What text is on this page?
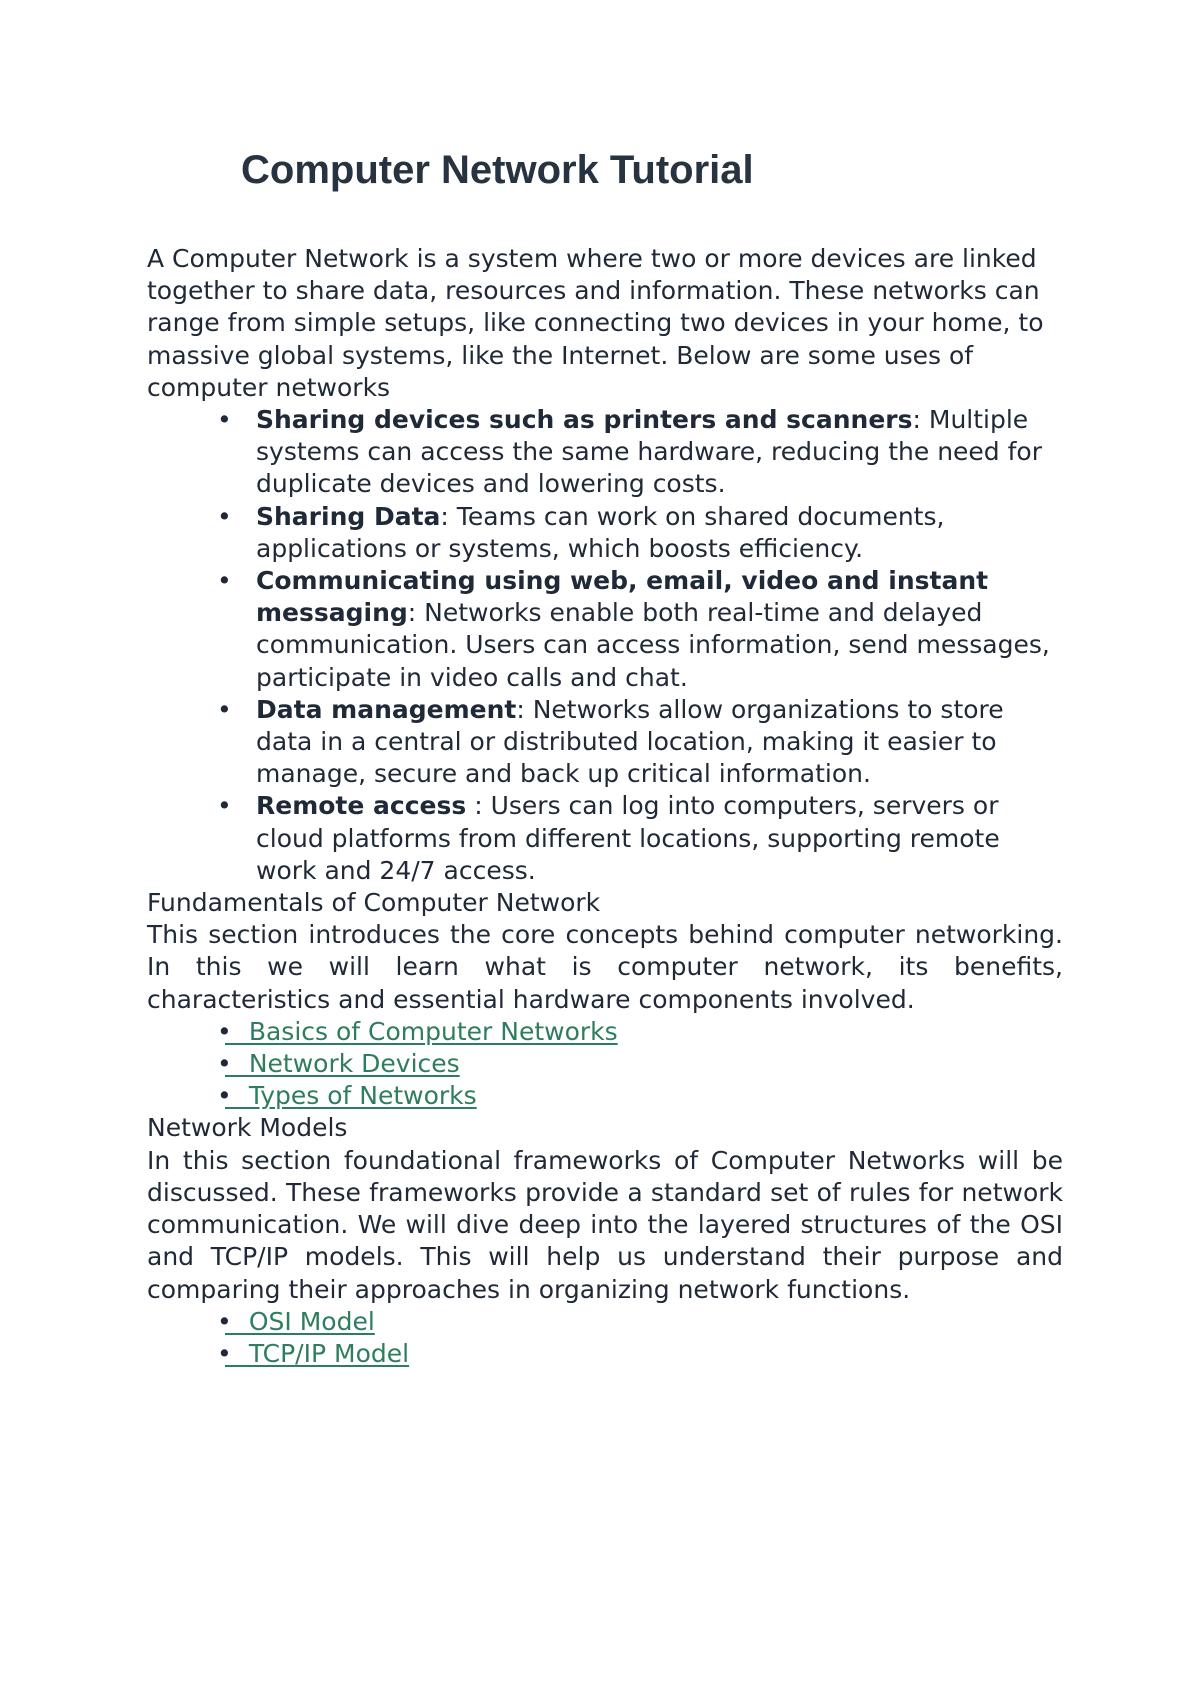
Computer Network Tutorial

A Computer Network is a system where two or more devices are linked together to share data, resources and information. These networks can range from simple setups, like connecting two devices in your home, to massive global systems, like the Internet. Below are some uses of computer networks

• Sharing devices such as printers and scanners: Multiple systems can access the same hardware, reducing the need for duplicate devices and lowering costs.
• Sharing Data: Teams can work on shared documents, applications or systems, which boosts efficiency.
• Communicating using web, email, video and instant messaging: Networks enable both real-time and delayed communication. Users can access information, send messages, participate in video calls and chat.
• Data management: Networks allow organizations to store data in a central or distributed location, making it easier to manage, secure and back up critical information.
• Remote access : Users can log into computers, servers or cloud platforms from different locations, supporting remote work and 24/7 access.

Fundamentals of Computer Network

This section introduces the core concepts behind computer networking. In this we will learn what is computer network, its benefits, characteristics and essential hardware components involved.

•    Basics of Computer Networks
•    Network Devices
•    Types of Networks

Network Models

In this section foundational frameworks of Computer Networks will be discussed. These frameworks provide a standard set of rules for network communication. We will dive deep into the layered structures of the OSI and TCP/IP models. This will help us understand their purpose and comparing their approaches in organizing network functions.

•    OSI Model
•    TCP/IP Model
